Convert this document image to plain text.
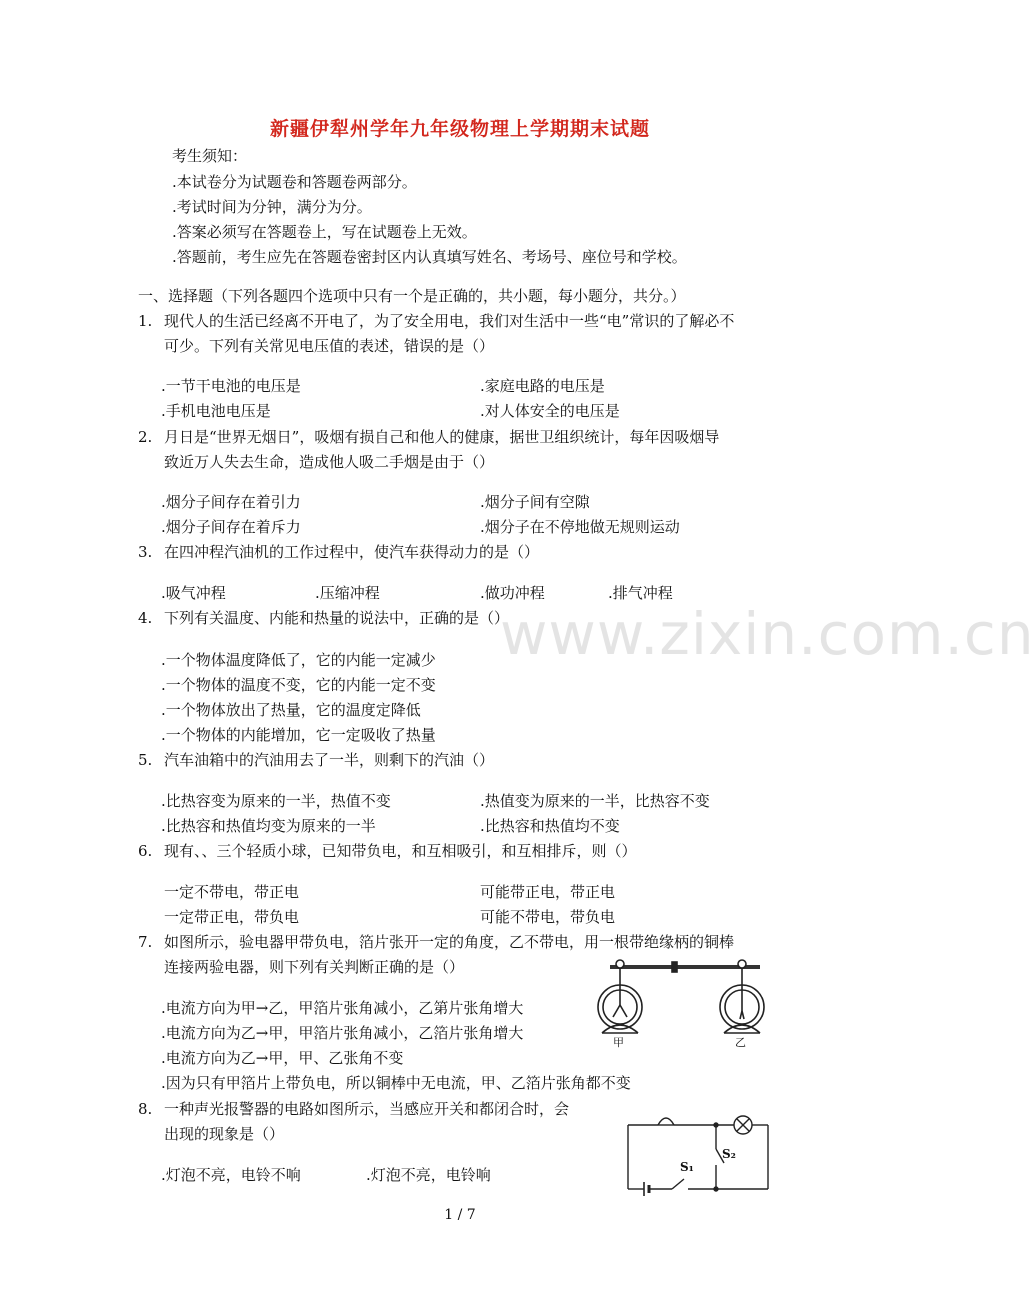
新疆伊犁州学年九年级物理上学期期末试题
www.zixin.com.cn
考生须知：
.本试卷分为试题卷和答题卷两部分。
.考试时间为分钟，满分为分。
.答案必须写在答题卷上，写在试题卷上无效。
.答题前，考生应先在答题卷密封区内认真填写姓名、考场号、座位号和学校。
一、选择题（下列各题四个选项中只有一个是正确的，共小题，每小题分，共分。）
1. 现代人的生活已经离不开电了，为了安全用电，我们对生活中一些“电”常识的了解必不
可少。下列有关常见电压值的表述，错误的是（）
.一节干电池的电压是	.家庭电路的电压是
.手机电池电压是	.对人体安全的电压是
2. 月日是“世界无烟日”，吸烟有损自己和他人的健康，据世卫组织统计，每年因吸烟导
致近万人失去生命，造成他人吸二手烟是由于（）
.烟分子间存在着引力	.烟分子间有空隙
.烟分子间存在着斥力	.烟分子在不停地做无规则运动
3. 在四冲程汽油机的工作过程中，使汽车获得动力的是（）
.吸气冲程	.压缩冲程	.做功冲程	.排气冲程
4. 下列有关温度、内能和热量的说法中，正确的是（）
.一个物体温度降低了，它的内能一定减少
.一个物体的温度不变，它的内能一定不变
.一个物体放出了热量，它的温度定降低
.一个物体的内能增加，它一定吸收了热量
5. 汽车油箱中的汽油用去了一半，则剩下的汽油（）
.比热容变为原来的一半，热值不变	.热值变为原来的一半，比热容不变
.比热容和热值均变为原来的一半	.比热容和热值均不变
6. 现有、、三个轻质小球，已知带负电，和互相吸引，和互相排斥，则（）
一定不带电，带正电	可能带正电，带正电
一定带正电，带负电	可能不带电，带负电
7. 如图所示，验电器甲带负电，箔片张开一定的角度，乙不带电，用一根带绝缘柄的铜棒
连接两验电器，则下列有关判断正确的是（）
.电流方向为甲→乙，甲箔片张角减小，乙第片张角增大
.电流方向为乙→甲，甲箔片张角减小，乙箔片张角增大
.电流方向为乙→甲，甲、乙张角不变
.因为只有甲箔片上带负电，所以铜棒中无电流，甲、乙箔片张角都不变
甲	乙
8. 一种声光报警器的电路如图所示，当感应开关和都闭合时，会
出现的现象是（）
.灯泡不亮，电铃不响	.灯泡不亮，电铃响	S₁
S₂
1 / 7
